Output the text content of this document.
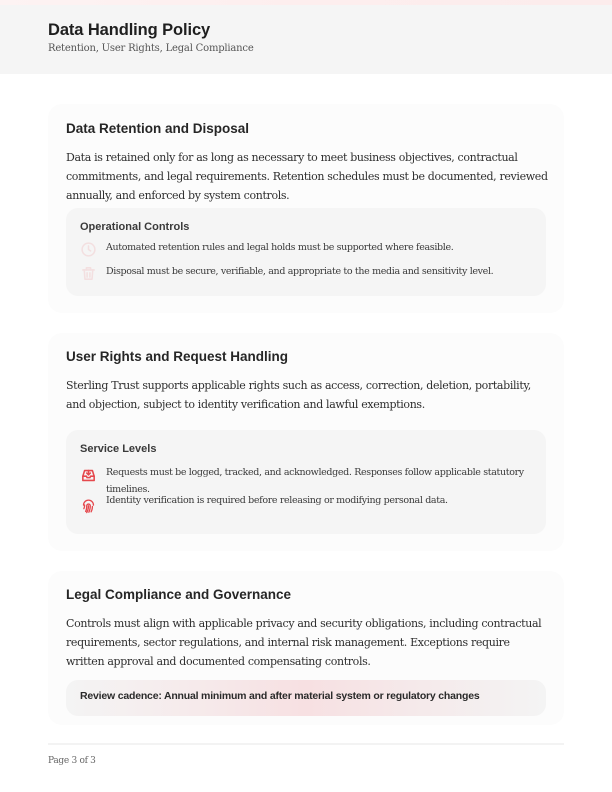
Data Handling Policy
Retention, User Rights, Legal Compliance
Data Retention and Disposal
Data is retained only for as long as necessary to meet business objectives, contractual commitments, and legal requirements. Retention schedules must be documented, reviewed annually, and enforced by system controls.
Operational Controls
Automated retention rules and legal holds must be supported where feasible.
Disposal must be secure, verifiable, and appropriate to the media and sensitivity level.
User Rights and Request Handling
Sterling Trust supports applicable rights such as access, correction, deletion, portability, and objection, subject to identity verification and lawful exemptions.
Service Levels
Requests must be logged, tracked, and acknowledged. Responses follow applicable statutory timelines.
Identity verification is required before releasing or modifying personal data.
Legal Compliance and Governance
Controls must align with applicable privacy and security obligations, including contractual requirements, sector regulations, and internal risk management. Exceptions require written approval and documented compensating controls.
Review cadence: Annual minimum and after material system or regulatory changes
Page 3 of 3
